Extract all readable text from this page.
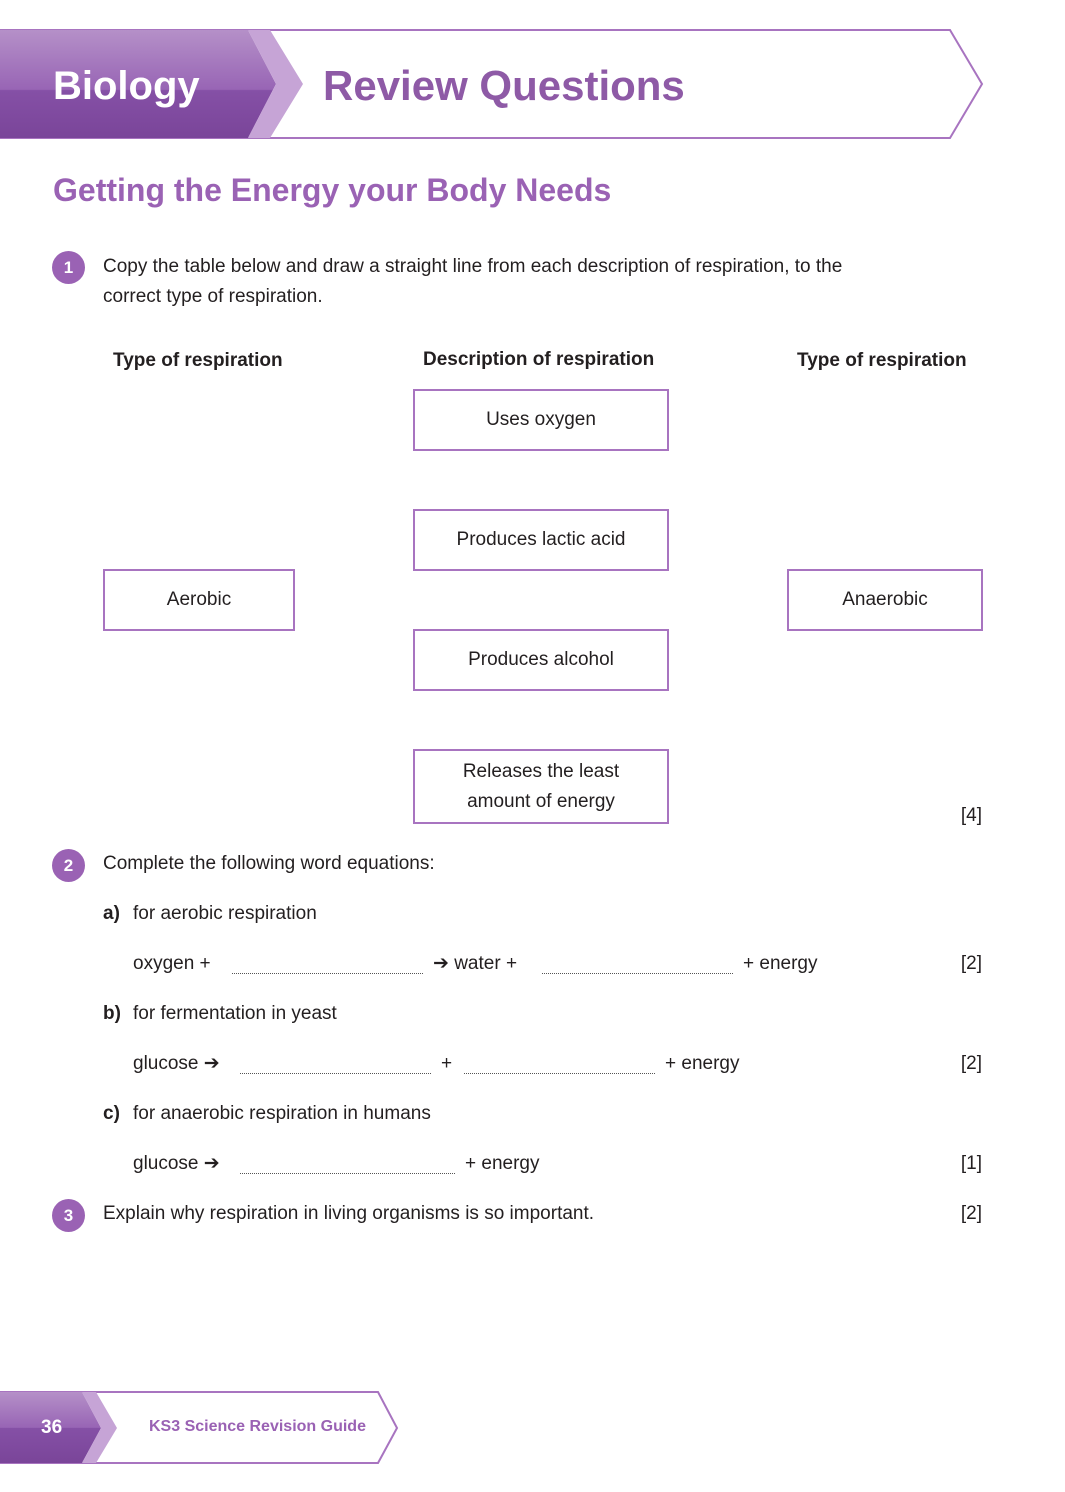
Biology	Review Questions
Getting the Energy your Body Needs
1	Copy the table below and draw a straight line from each description of respiration, to the
correct type of respiration.
Type of respiration	Description of respiration	Type of respiration
Uses oxygen
Produces lactic acid
Aerobic	Anaerobic
Produces alcohol
Releases the least
amount of energy
[4]
2	Complete the following word equations:
a) for aerobic respiration
oxygen +	➔ water +	+ energy	[2]
b) for fermentation in yeast
glucose ➔	+	+ energy	[2]
c) for anaerobic respiration in humans
glucose ➔	+ energy	[1]
3	Explain why respiration in living organisms is so important.	[2]
36	KS3 Science Revision Guide
